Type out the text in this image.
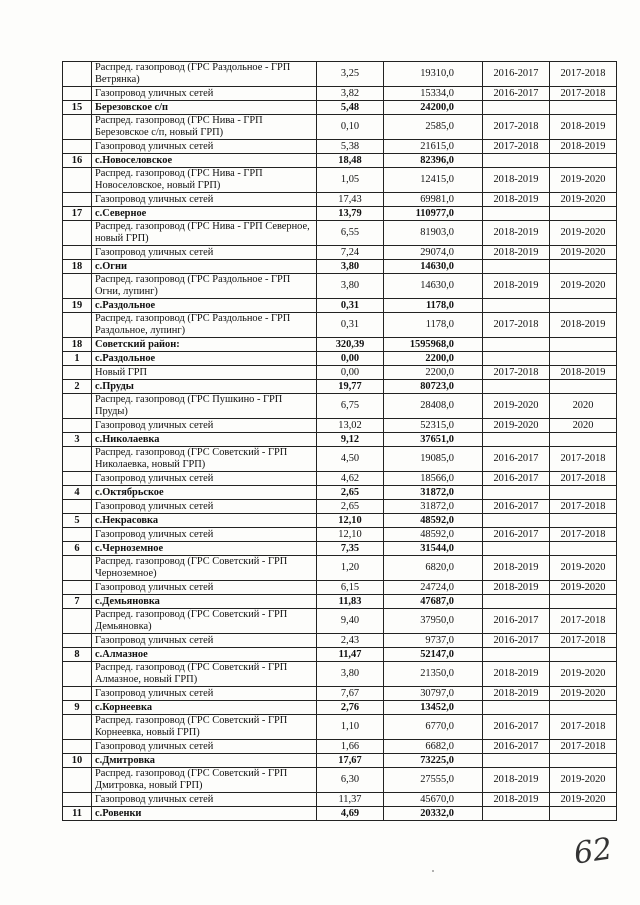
	Распред. газопровод (ГРС Раздольное - ГРП Ветрянка)	3,25	19310,0	2016-2017	2017-2018
	Газопровод уличных сетей	3,82	15334,0	2016-2017	2017-2018
15	Березовское с/п	5,48	24200,0		
	Распред. газопровод (ГРС Нива - ГРП Березовское с/п, новый ГРП)	0,10	2585,0	2017-2018	2018-2019
	Газопровод уличных сетей	5,38	21615,0	2017-2018	2018-2019
16	с.Новоселовское	18,48	82396,0		
	Распред. газопровод (ГРС Нива - ГРП Новоселовское, новый ГРП)	1,05	12415,0	2018-2019	2019-2020
	Газопровод уличных сетей	17,43	69981,0	2018-2019	2019-2020
17	с.Северное	13,79	110977,0		
	Распред. газопровод (ГРС Нива - ГРП Северное, новый ГРП)	6,55	81903,0	2018-2019	2019-2020
	Газопровод уличных сетей	7,24	29074,0	2018-2019	2019-2020
18	с.Огни	3,80	14630,0		
	Распред. газопровод (ГРС Раздольное - ГРП Огни, лупинг)	3,80	14630,0	2018-2019	2019-2020
19	с.Раздольное	0,31	1178,0		
	Распред. газопровод (ГРС Раздольное - ГРП Раздольное, лупинг)	0,31	1178,0	2017-2018	2018-2019
18	Советский район:	320,39	1595968,0		
1	с.Раздольное	0,00	2200,0		
	Новый ГРП	0,00	2200,0	2017-2018	2018-2019
2	с.Пруды	19,77	80723,0		
	Распред. газопровод (ГРС Пушкино - ГРП Пруды)	6,75	28408,0	2019-2020	2020
	Газопровод уличных сетей	13,02	52315,0	2019-2020	2020
3	с.Николаевка	9,12	37651,0		
	Распред. газопровод (ГРС Советский - ГРП Николаевка, новый ГРП)	4,50	19085,0	2016-2017	2017-2018
	Газопровод уличных сетей	4,62	18566,0	2016-2017	2017-2018
4	с.Октябрьское	2,65	31872,0		
	Газопровод уличных сетей	2,65	31872,0	2016-2017	2017-2018
5	с.Некрасовка	12,10	48592,0		
	Газопровод уличных сетей	12,10	48592,0	2016-2017	2017-2018
6	с.Черноземное	7,35	31544,0		
	Распред. газопровод (ГРС Советский - ГРП Черноземное)	1,20	6820,0	2018-2019	2019-2020
	Газопровод уличных сетей	6,15	24724,0	2018-2019	2019-2020
7	с.Демьяновка	11,83	47687,0		
	Распред. газопровод (ГРС Советский - ГРП Демьяновка)	9,40	37950,0	2016-2017	2017-2018
	Газопровод уличных сетей	2,43	9737,0	2016-2017	2017-2018
8	с.Алмазное	11,47	52147,0		
	Распред. газопровод (ГРС Советский - ГРП Алмазное, новый ГРП)	3,80	21350,0	2018-2019	2019-2020
	Газопровод уличных сетей	7,67	30797,0	2018-2019	2019-2020
9	с.Корнеевка	2,76	13452,0		
	Распред. газопровод (ГРС Советский - ГРП Корнеевка, новый ГРП)	1,10	6770,0	2016-2017	2017-2018
	Газопровод уличных сетей	1,66	6682,0	2016-2017	2017-2018
10	с.Дмитровка	17,67	73225,0		
	Распред. газопровод (ГРС Советский - ГРП Дмитровка, новый ГРП)	6,30	27555,0	2018-2019	2019-2020
	Газопровод уличных сетей	11,37	45670,0	2018-2019	2019-2020
11	с.Ровенки	4,69	20332,0		
62
